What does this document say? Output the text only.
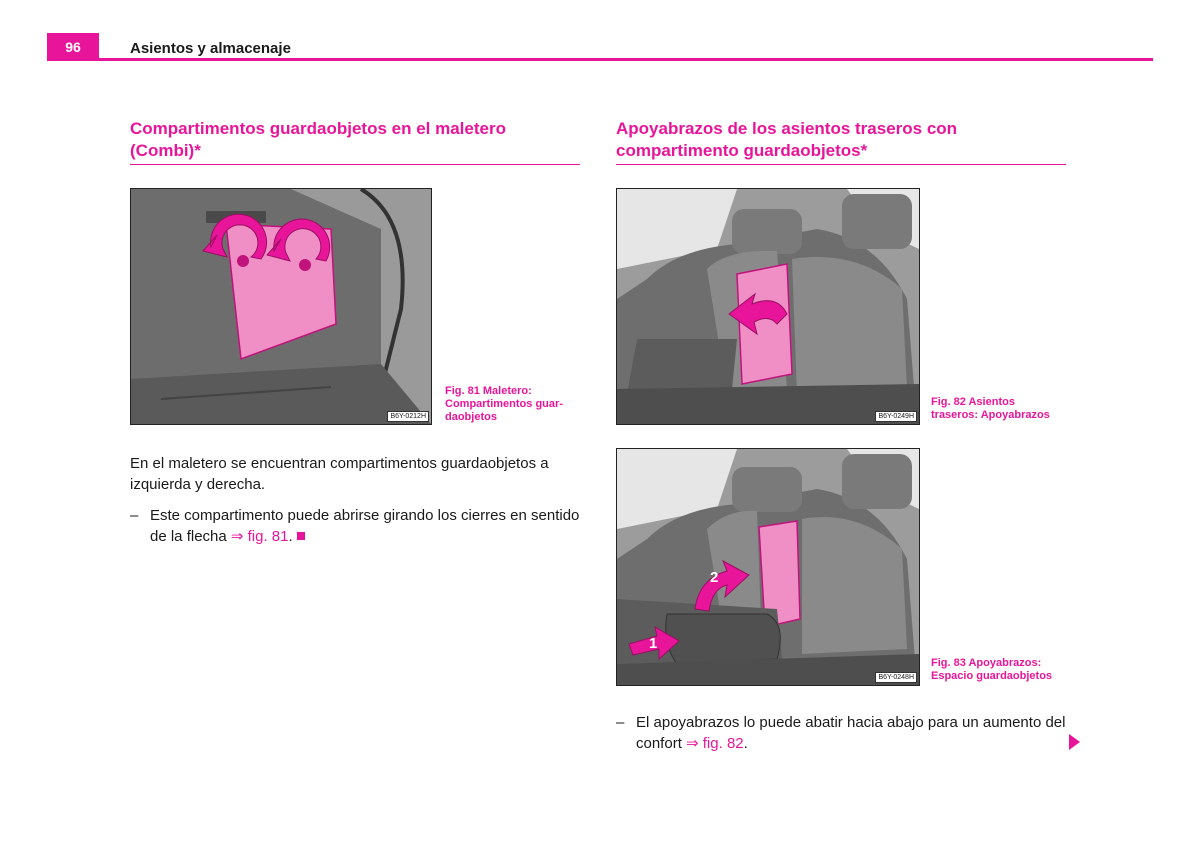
96	Asientos y almacenaje
Compartimentos guardaobjetos en el maletero
(Combi)*
B6Y-0212H
Fig. 81 Maletero:
Compartimentos guar-
daobjetos
En el maletero se encuentran compartimentos guardaobjetos a izquierda y derecha.
– Este compartimento puede abrirse girando los cierres en sentido de la flecha ⇒ fig. 81.
Apoyabrazos de los asientos traseros con
compartimento guardaobjetos*
B6Y-0249H
Fig. 82 Asientos
traseros: Apoyabrazos
1
2
B6Y-0248H
Fig. 83 Apoyabrazos:
Espacio guardaobjetos
– El apoyabrazos lo puede abatir hacia abajo para un aumento del confort ⇒ fig. 82.
